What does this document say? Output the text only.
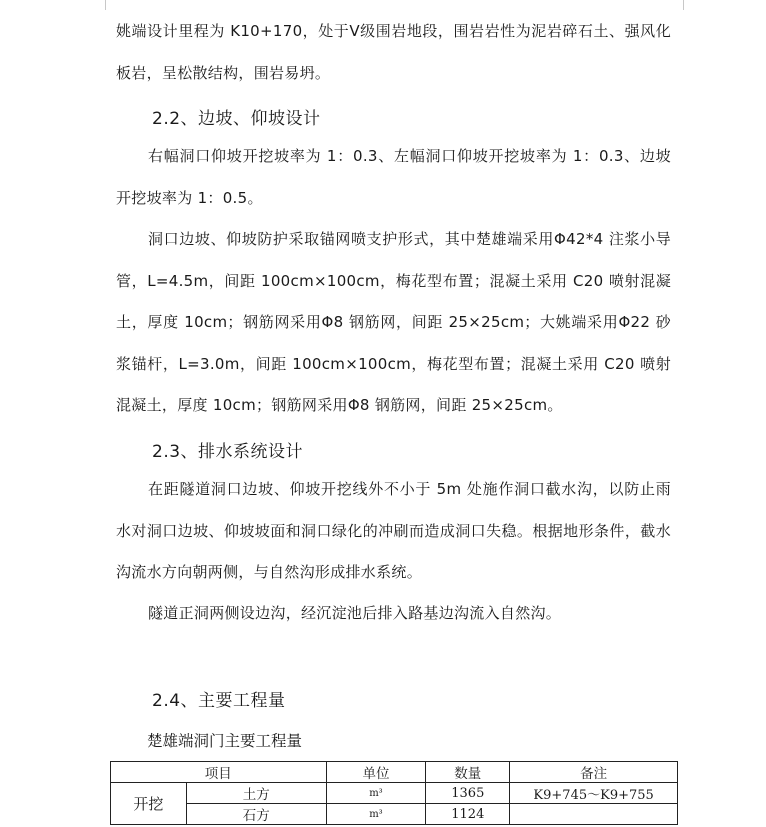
姚端设计里程为 K10+170，处于Ⅴ级围岩地段，围岩岩性为泥岩碎石土、强风化板岩，呈松散结构，围岩易坍。

2.2、边坡、仰坡设计

右幅洞口仰坡开挖坡率为 1：0.3、左幅洞口仰坡开挖坡率为 1：0.3、边坡开挖坡率为 1：0.5。

洞口边坡、仰坡防护采取锚网喷支护形式，其中楚雄端采用Φ42*4 注浆小导管，L=4.5m，间距 100cm×100cm，梅花型布置；混凝土采用 C20 喷射混凝土，厚度 10cm；钢筋网采用Φ8 钢筋网，间距 25×25cm；大姚端采用Φ22 砂浆锚杆，L=3.0m，间距 100cm×100cm，梅花型布置；混凝土采用 C20 喷射混凝土，厚度 10cm；钢筋网采用Φ8 钢筋网，间距 25×25cm。

2.3、排水系统设计

在距隧道洞口边坡、仰坡开挖线外不小于 5m 处施作洞口截水沟，以防止雨水对洞口边坡、仰坡坡面和洞口绿化的冲刷而造成洞口失稳。根据地形条件，截水沟流水方向朝两侧，与自然沟形成排水系统。

隧道正洞两侧设边沟，经沉淀池后排入路基边沟流入自然沟。

2.4、主要工程量

楚雄端洞门主要工程量

项目		单位	数量	备注
开挖	土方	m³	1365	K9+745～K9+755
	石方	m³	1124	
